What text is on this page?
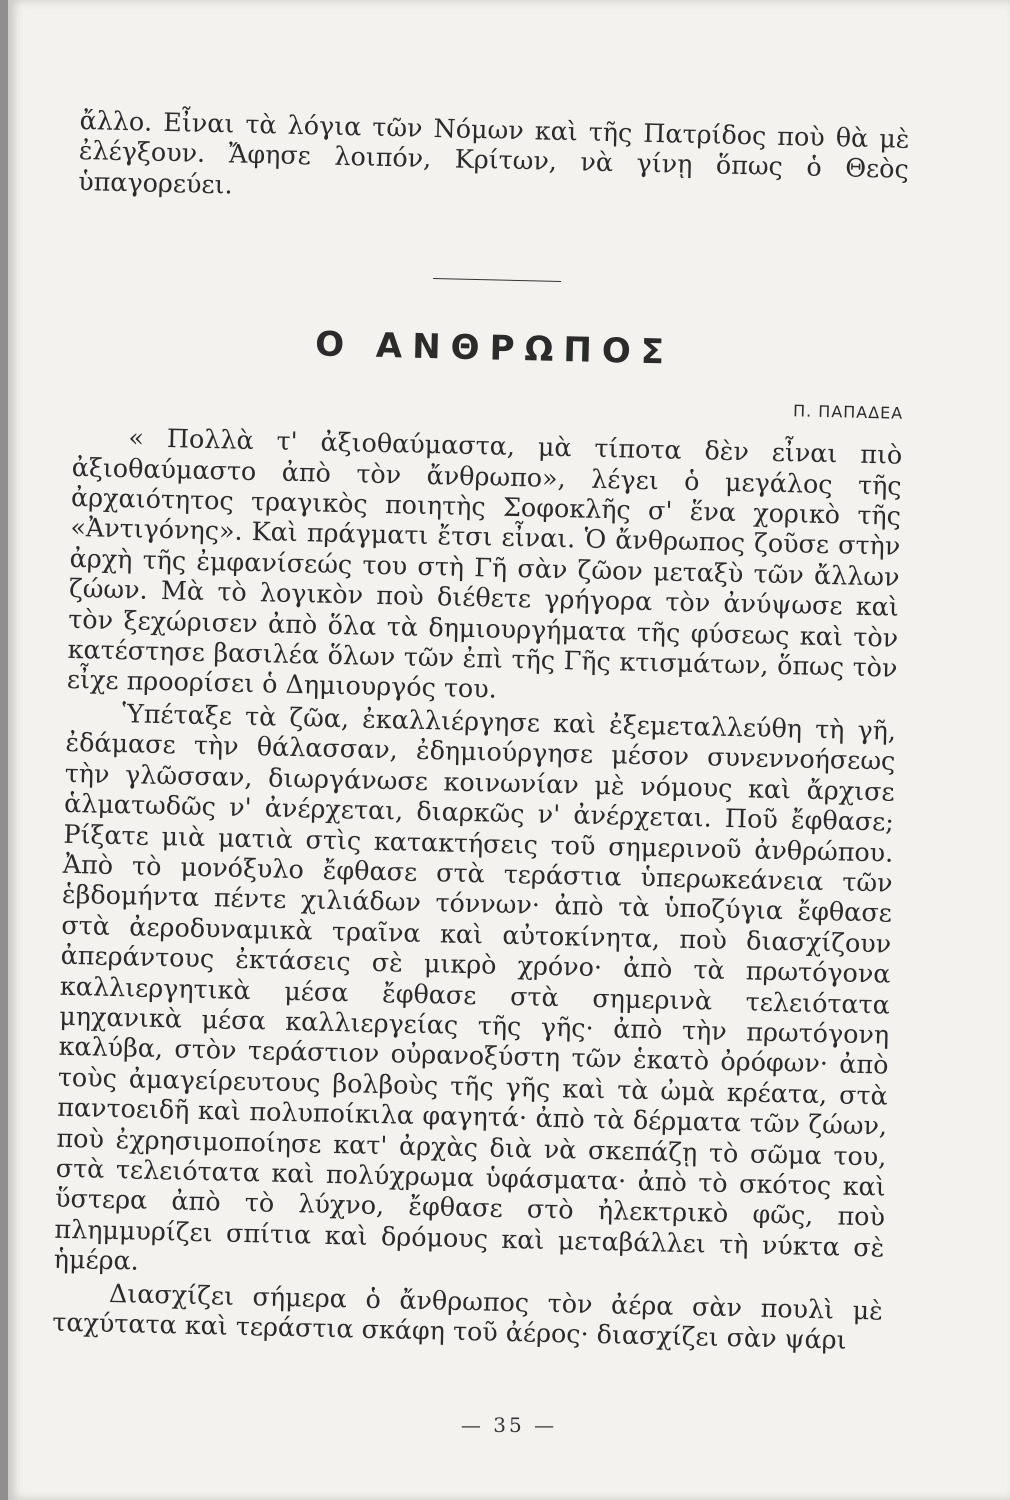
ἄλλο. Εἶναι τὰ λόγια τῶν Νόμων καὶ τῆς Πατρίδος ποὺ θὰ μὲ ἐλέγξουν. Ἄφησε λοιπόν, Κρίτων, νὰ γίνῃ ὅπως ὁ Θεὸς ὑπαγορεύει.

Ο ΑΝΘΡΩΠΟΣ
Π. ΠΑΠΑΔΕΑ

« Πολλὰ τ' ἀξιοθαύμαστα, μὰ τίποτα δὲν εἶναι πιὸ ἀξιοθαύμαστο ἀπὸ τὸν ἄνθρωπο», λέγει ὁ μεγάλος τῆς ἀρχαιότητος τραγικὸς ποιητὴς Σοφοκλῆς σ' ἕνα χορικὸ τῆς «Ἀντιγόνης». Καὶ πράγματι ἔτσι εἶναι. Ὁ ἄνθρωπος ζοῦσε στὴν ἀρχὴ τῆς ἐμφανίσεώς του στὴ Γῆ σὰν ζῶον μεταξὺ τῶν ἄλλων ζώων. Μὰ τὸ λογικὸν ποὺ διέθετε γρήγορα τὸν ἀνύψωσε καὶ τὸν ξεχώρισεν ἀπὸ ὅλα τὰ δημιουργήματα τῆς φύσεως καὶ τὸν κατέστησε βασιλέα ὅλων τῶν ἐπὶ τῆς Γῆς κτισμάτων, ὅπως τὸν εἶχε προορίσει ὁ Δημιουργός του.

Ὑπέταξε τὰ ζῶα, ἐκαλλιέργησε καὶ ἐξεμεταλλεύθη τὴ γῆ, ἐδάμασε τὴν θάλασσαν, ἐδημιούργησε μέσον συνεννοήσεως τὴν γλῶσσαν, διωργάνωσε κοινωνίαν μὲ νόμους καὶ ἄρχισε ἁλματωδῶς ν' ἀνέρχεται, διαρκῶς ν' ἀνέρχεται. Ποῦ ἔφθασε; Ρίξατε μιὰ ματιὰ στὶς κατακτήσεις τοῦ σημερινοῦ ἀνθρώπου. Ἀπὸ τὸ μονόξυλο ἔφθασε στὰ τεράστια ὑπερωκεάνεια τῶν ἑβδομήντα πέντε χιλιάδων τόννων· ἀπὸ τὰ ὑποζύγια ἔφθασε στὰ ἀεροδυναμικὰ τραῖνα καὶ αὐτοκίνητα, ποὺ διασχίζουν ἀπεράντους ἐκτάσεις σὲ μικρὸ χρόνο· ἀπὸ τὰ πρωτόγονα καλλιεργητικὰ μέσα ἔφθασε στὰ σημερινὰ τελειότατα μηχανικὰ μέσα καλλιεργείας τῆς γῆς· ἀπὸ τὴν πρωτόγονη καλύβα, στὸν τεράστιον οὐρανοξύστη τῶν ἑκατὸ ὀρόφων· ἀπὸ τοὺς ἀμαγείρευτους βολβοὺς τῆς γῆς καὶ τὰ ὠμὰ κρέατα, στὰ παντοειδῆ καὶ πολυποίκιλα φαγητά· ἀπὸ τὰ δέρματα τῶν ζώων, ποὺ ἐχρησιμοποίησε κατ' ἀρχὰς διὰ νὰ σκεπάζῃ τὸ σῶμα του, στὰ τελειότατα καὶ πολύχρωμα ὑφάσματα· ἀπὸ τὸ σκότος καὶ ὕστερα ἀπὸ τὸ λύχνο, ἔφθασε στὸ ἠλεκτρικὸ φῶς, ποὺ πλημμυρίζει σπίτια καὶ δρόμους καὶ μεταβάλλει τὴ νύκτα σὲ ἡμέρα.

Διασχίζει σήμερα ὁ ἄνθρωπος τὸν ἀέρα σὰν πουλὶ μὲ ταχύτατα καὶ τεράστια σκάφη τοῦ ἀέρος· διασχίζει σὰν ψάρι

— 35 —
